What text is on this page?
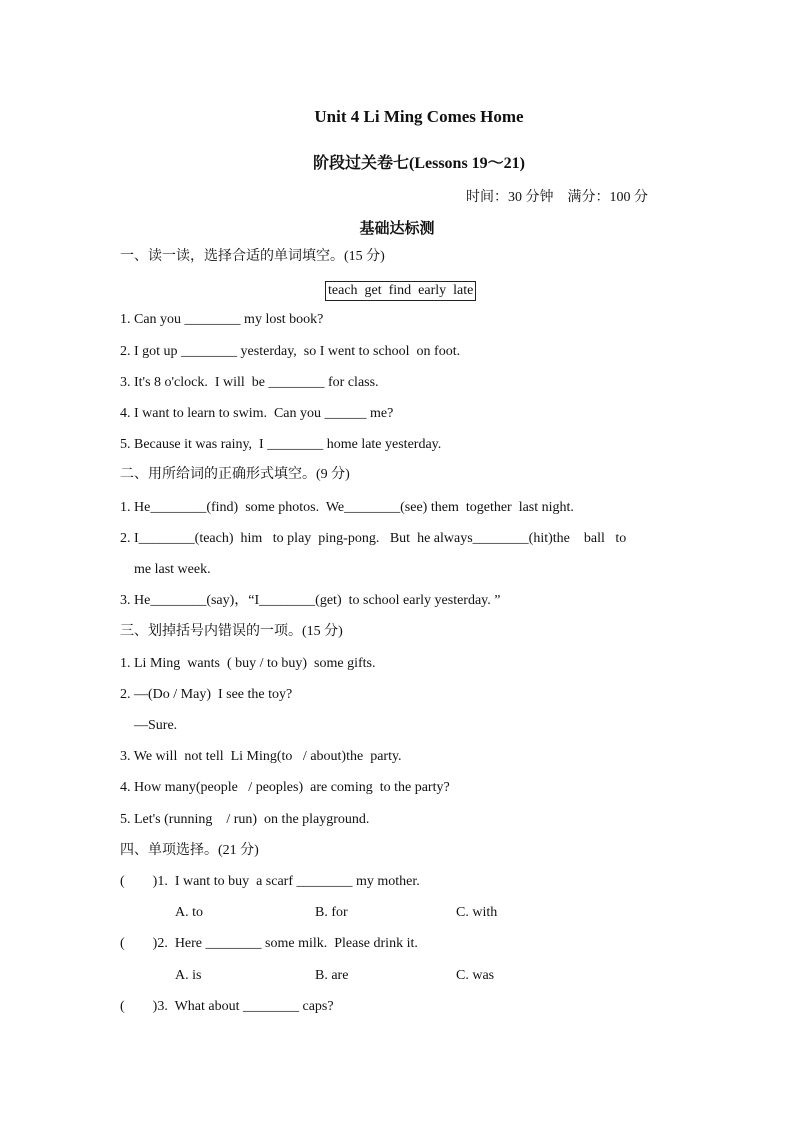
Unit 4 Li Ming Comes Home
阶段过关卷七(Lessons 19～21)
时间：30 分钟    满分：100 分
基础达标测
一、读一读，选择合适的单词填空。(15 分)
teach  get  find  early  late
1. Can you ________ my lost book?
2. I got up ________ yesterday,  so I went to school  on foot.
3. It's 8 o'clock.  I will  be ________ for class.
4. I want to learn to swim.  Can you ______ me?
5. Because it was rainy,  I ________ home late yesterday.
二、用所给词的正确形式填空。(9 分)
1. He________(find)  some photos.  We________(see) them  together  last night.
2. I________(teach)  him   to play  ping-pong.   But  he always________(hit)the    ball   to
me last week.
3. He________(say)，“I________(get)  to school early yesterday. ”
三、划掉括号内错误的一项。(15 分)
1. Li Ming  wants  ( buy / to buy)  some gifts.
2. —(Do / May)  I see the toy?
—Sure.
3. We will  not tell  Li Ming(to   / about)the  party.
4. How many(people   / peoples)  are coming  to the party?
5. Let's (running    / run)  on the playground.
四、单项选择。(21 分)
(        )1.  I want to buy  a scarf ________ my mother.
A. to	B. for	C. with
(        )2.  Here ________ some milk.  Please drink it.
A. is	B. are	C. was
(        )3.  What about ________ caps?
